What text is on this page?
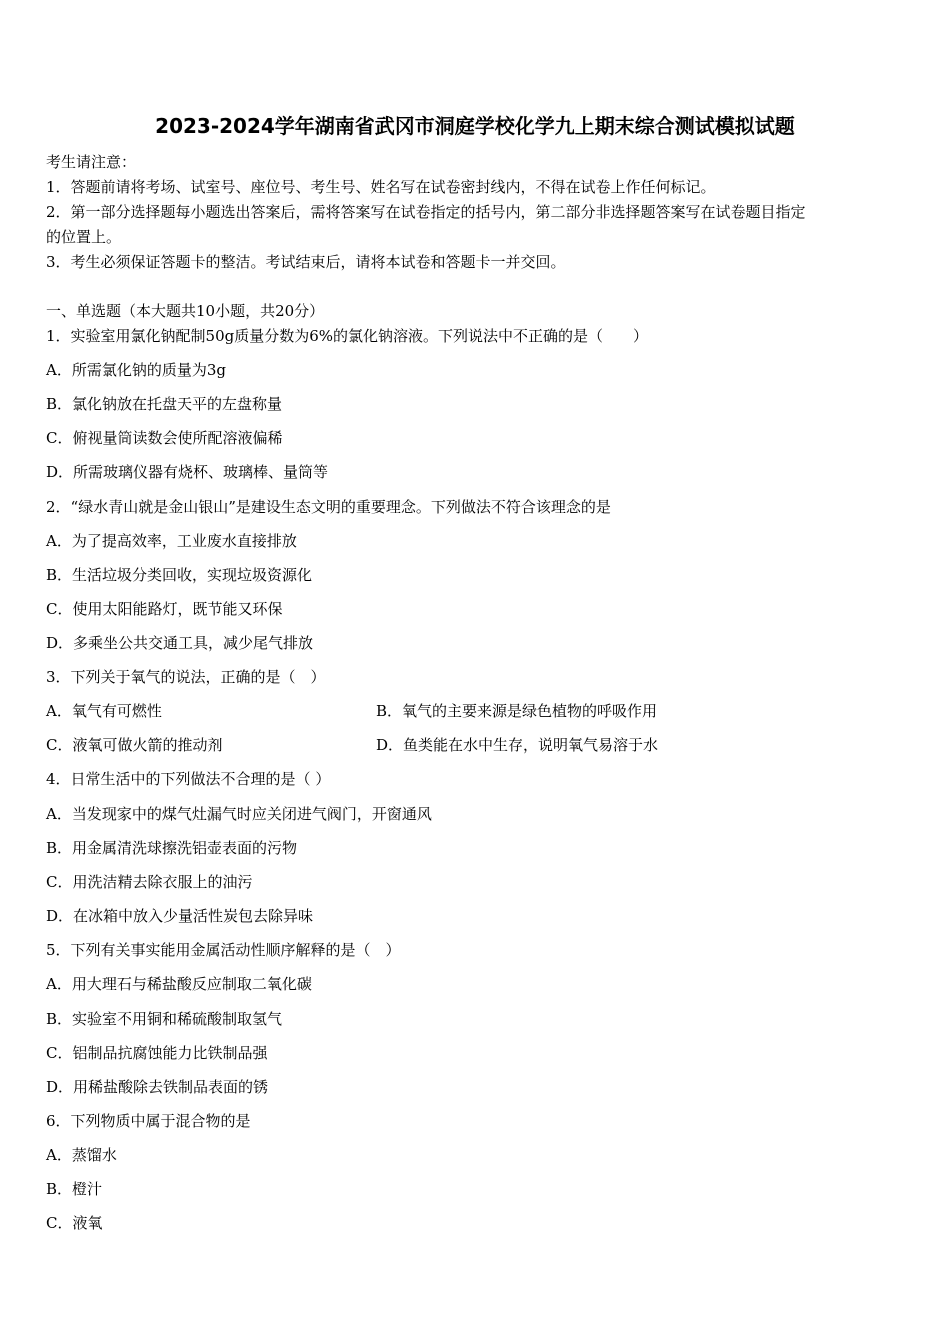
2023-2024学年湖南省武冈市洞庭学校化学九上期末综合测试模拟试题
考生请注意：
1．答题前请将考场、试室号、座位号、考生号、姓名写在试卷密封线内，不得在试卷上作任何标记。
2．第一部分选择题每小题选出答案后，需将答案写在试卷指定的括号内，第二部分非选择题答案写在试卷题目指定
的位置上。
3．考生必须保证答题卡的整洁。考试结束后，请将本试卷和答题卡一并交回。
一、单选题（本大题共10小题，共20分）
1．实验室用氯化钠配制50g质量分数为6%的氯化钠溶液。下列说法中不正确的是（　　）
A．所需氯化钠的质量为3g
B．氯化钠放在托盘天平的左盘称量
C．俯视量筒读数会使所配溶液偏稀
D．所需玻璃仪器有烧杯、玻璃棒、量筒等
2．“绿水青山就是金山银山”是建设生态文明的重要理念。下列做法不符合该理念的是
A．为了提高效率，工业废水直接排放
B．生活垃圾分类回收，实现垃圾资源化
C．使用太阳能路灯，既节能又环保
D．多乘坐公共交通工具，减少尾气排放
3．下列关于氧气的说法，正确的是（　）
A．氧气有可燃性	B．氧气的主要来源是绿色植物的呼吸作用
C．液氧可做火箭的推动剂	D．鱼类能在水中生存，说明氧气易溶于水
4．日常生活中的下列做法不合理的是（ ）
A．当发现家中的煤气灶漏气时应关闭进气阀门，开窗通风
B．用金属清洗球擦洗铝壶表面的污物
C．用洗洁精去除衣服上的油污
D．在冰箱中放入少量活性炭包去除异味
5．下列有关事实能用金属活动性顺序解释的是（　）
A．用大理石与稀盐酸反应制取二氧化碳
B．实验室不用铜和稀硫酸制取氢气
C．铝制品抗腐蚀能力比铁制品强
D．用稀盐酸除去铁制品表面的锈
6．下列物质中属于混合物的是
A．蒸馏水
B．橙汁
C．液氧
